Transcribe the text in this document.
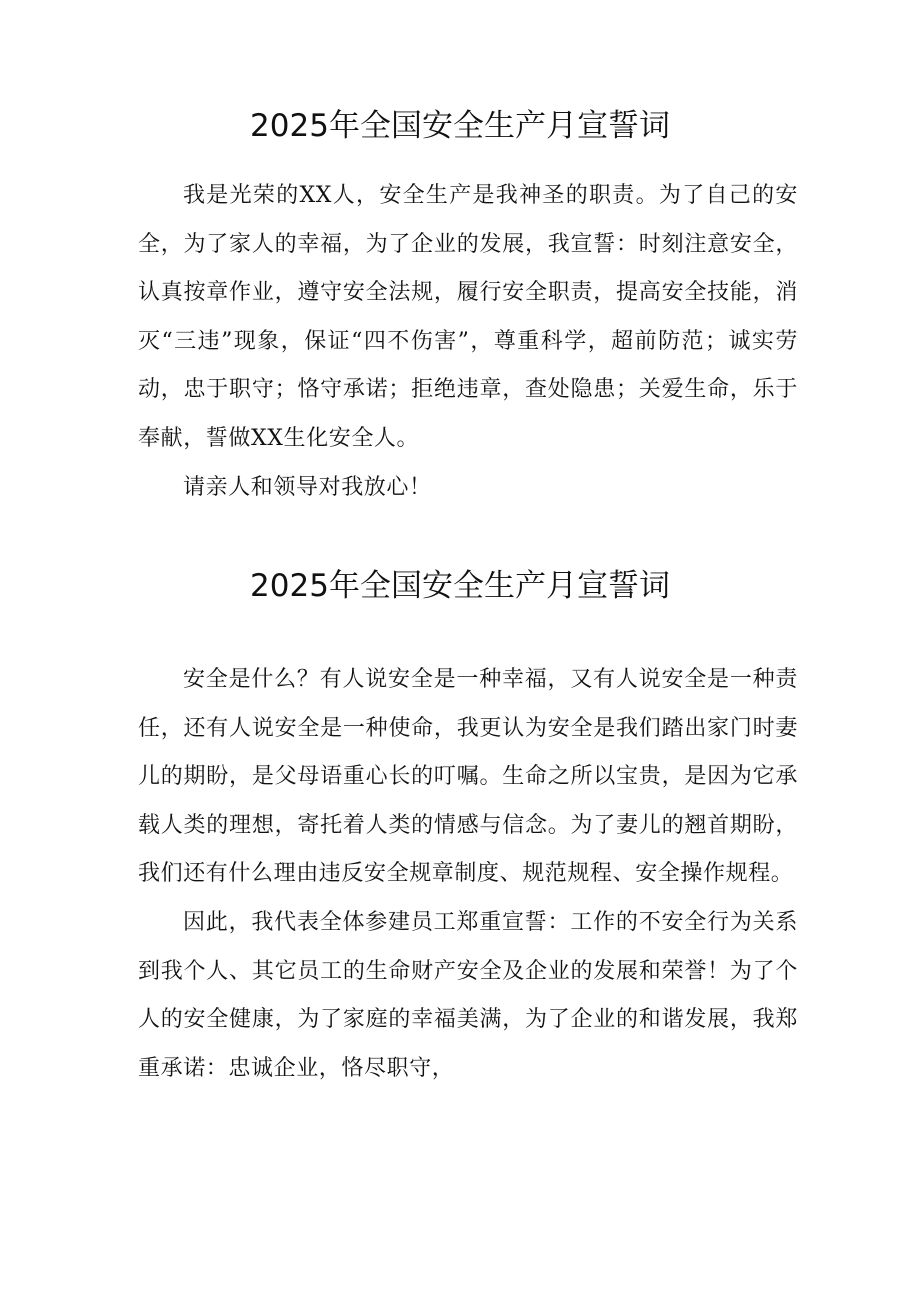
2025年全国安全生产月宣誓词

我是光荣的XX人，安全生产是我神圣的职责。为了自己的安全，为了家人的幸福，为了企业的发展，我宣誓：时刻注意安全，认真按章作业，遵守安全法规，履行安全职责，提高安全技能，消灭“三违”现象，保证“四不伤害”，尊重科学，超前防范；诚实劳动，忠于职守；恪守承诺；拒绝违章，查处隐患；关爱生命，乐于奉献，誓做XX生化安全人。

请亲人和领导对我放心！

2025年全国安全生产月宣誓词

安全是什么？有人说安全是一种幸福，又有人说安全是一种责任，还有人说安全是一种使命，我更认为安全是我们踏出家门时妻儿的期盼，是父母语重心长的叮嘱。生命之所以宝贵，是因为它承载人类的理想，寄托着人类的情感与信念。为了妻儿的翘首期盼，我们还有什么理由违反安全规章制度、规范规程、安全操作规程。

因此，我代表全体参建员工郑重宣誓：工作的不安全行为关系到我个人、其它员工的生命财产安全及企业的发展和荣誉！为了个人的安全健康，为了家庭的幸福美满，为了企业的和谐发展，我郑重承诺：忠诚企业，恪尽职守，
